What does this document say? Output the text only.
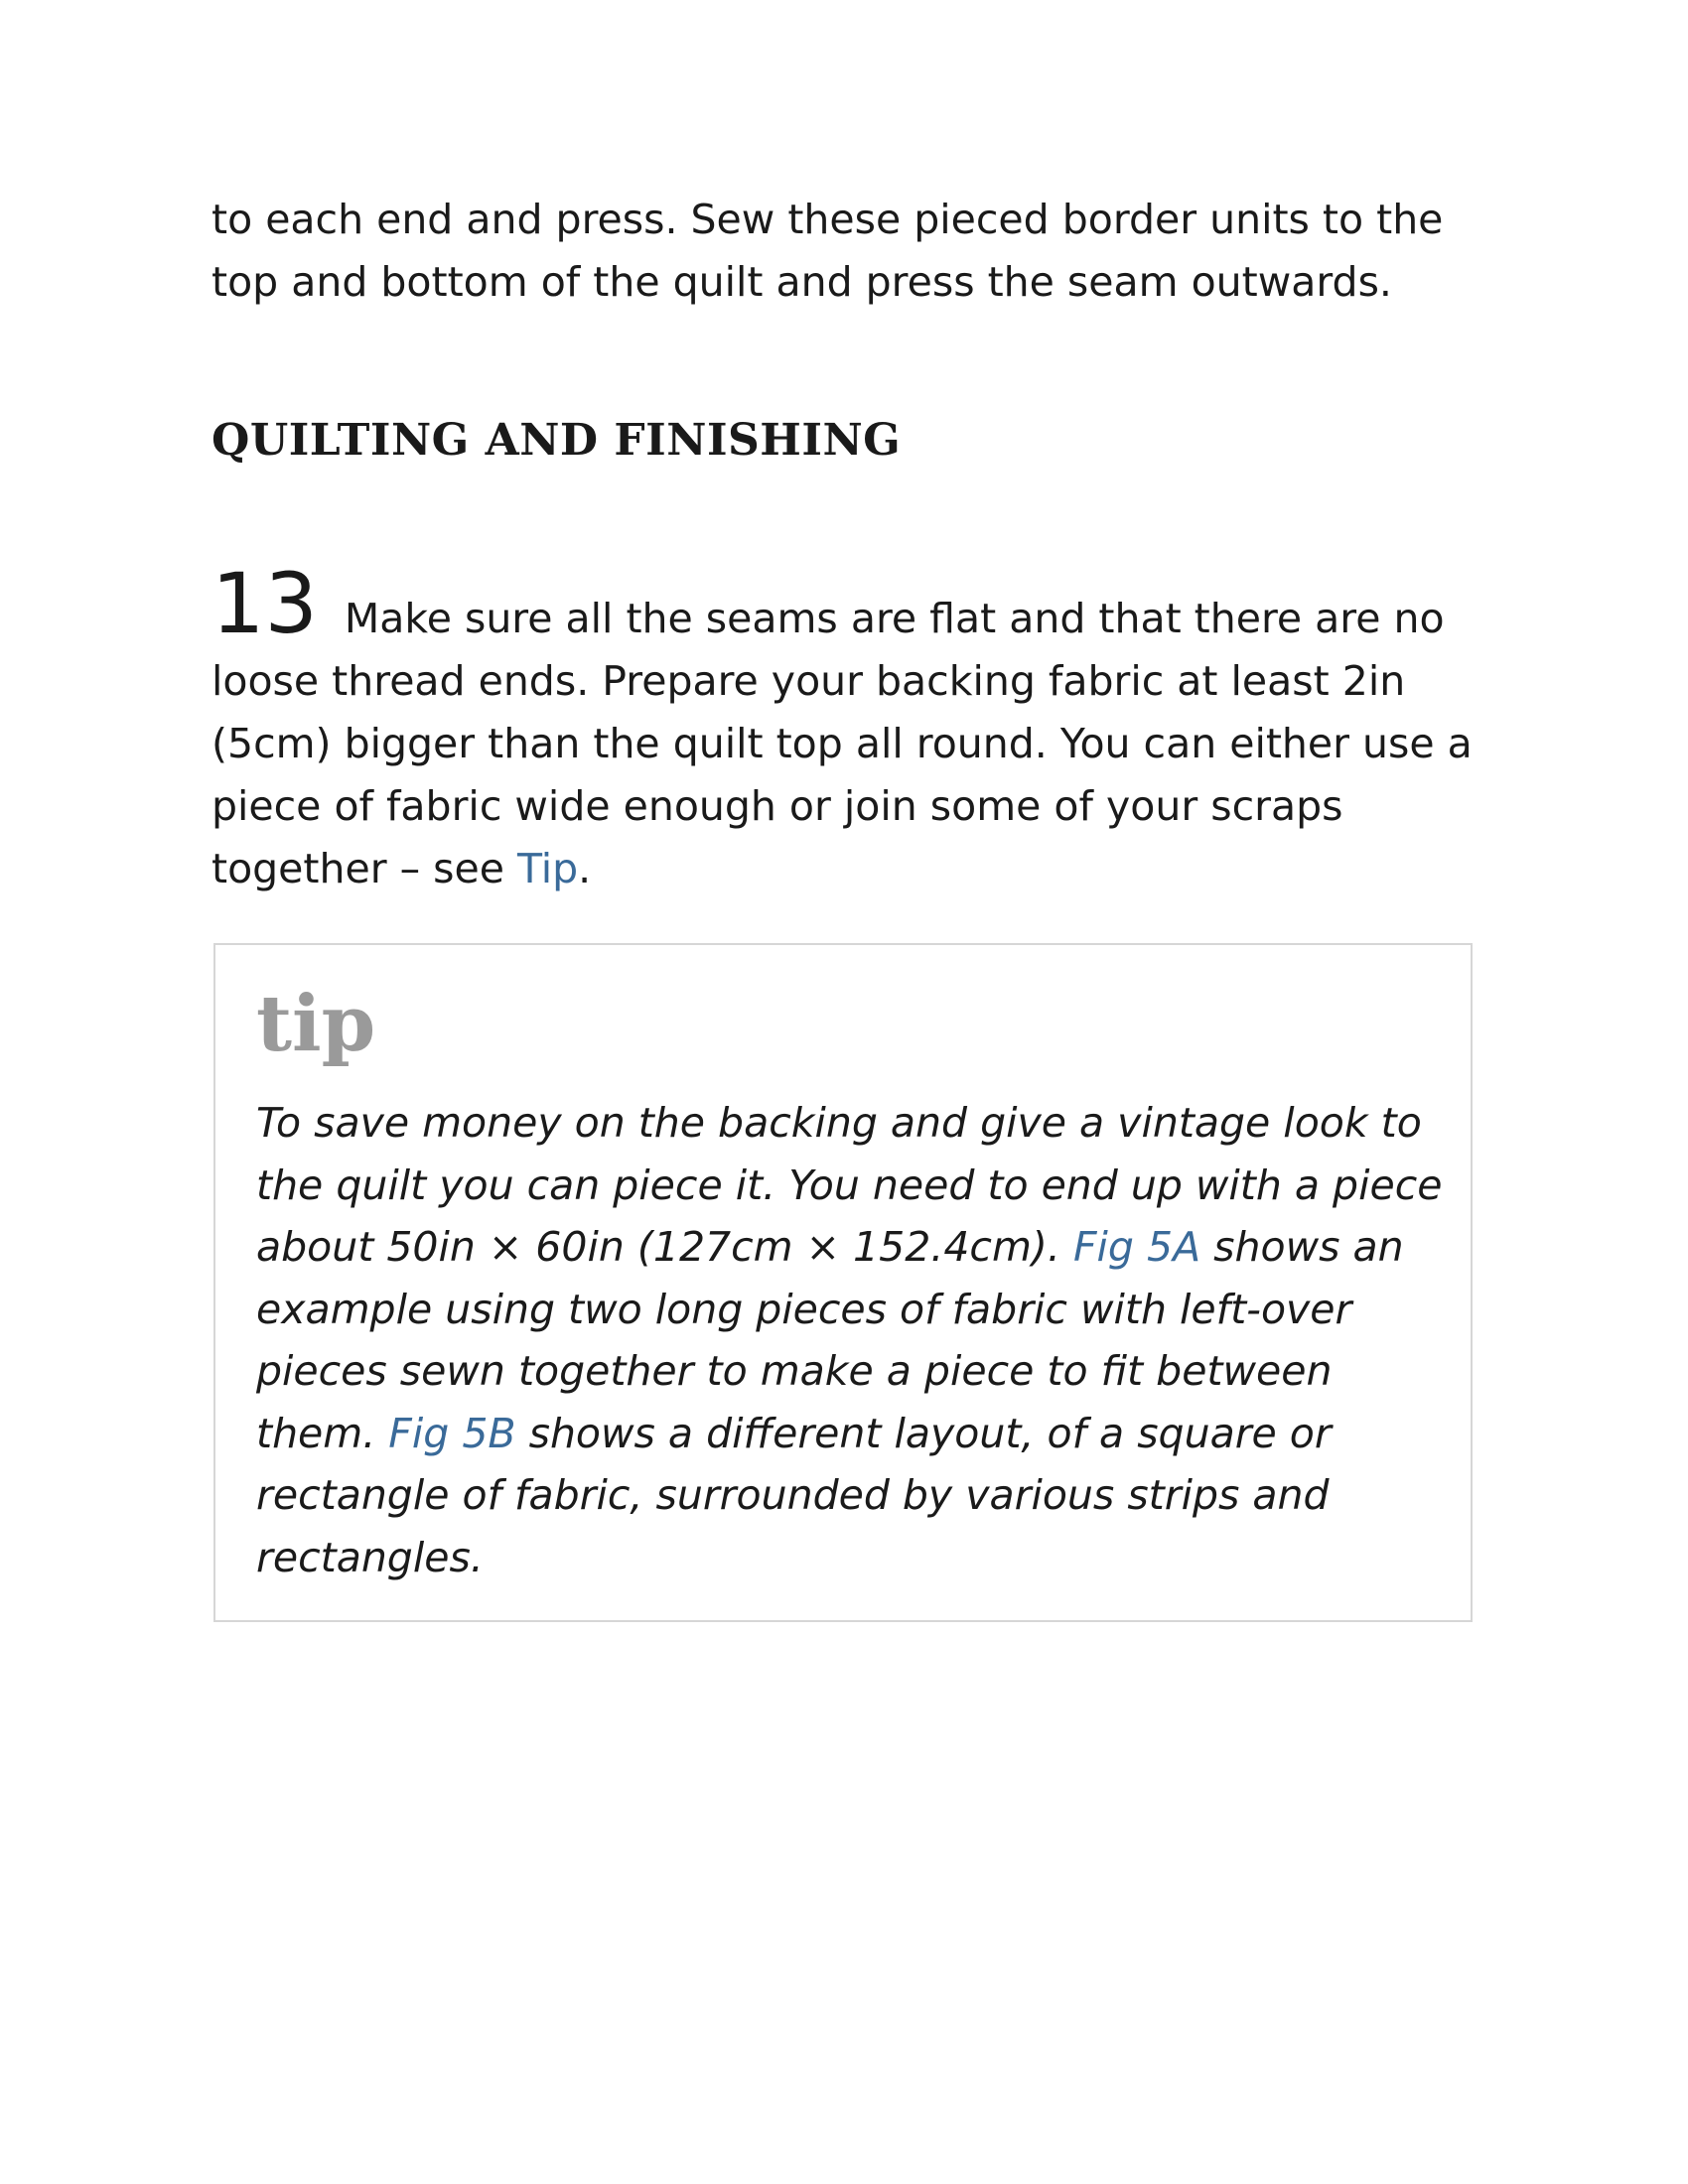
to each end and press. Sew these pieced border units to the
top and bottom of the quilt and press the seam outwards.

QUILTING AND FINISHING

13 Make sure all the seams are flat and that there are no loose thread ends. Prepare your backing fabric at least 2in (5cm) bigger than the quilt top all round. You can either use a piece of fabric wide enough or join some of your scraps together – see Tip.

tip

To save money on the backing and give a vintage look to the quilt you can piece it. You need to end up with a piece about 50in × 60in (127cm × 152.4cm). Fig 5A shows an example using two long pieces of fabric with left-over pieces sewn together to make a piece to fit between them. Fig 5B shows a different layout, of a square or rectangle of fabric, surrounded by various strips and rectangles.
